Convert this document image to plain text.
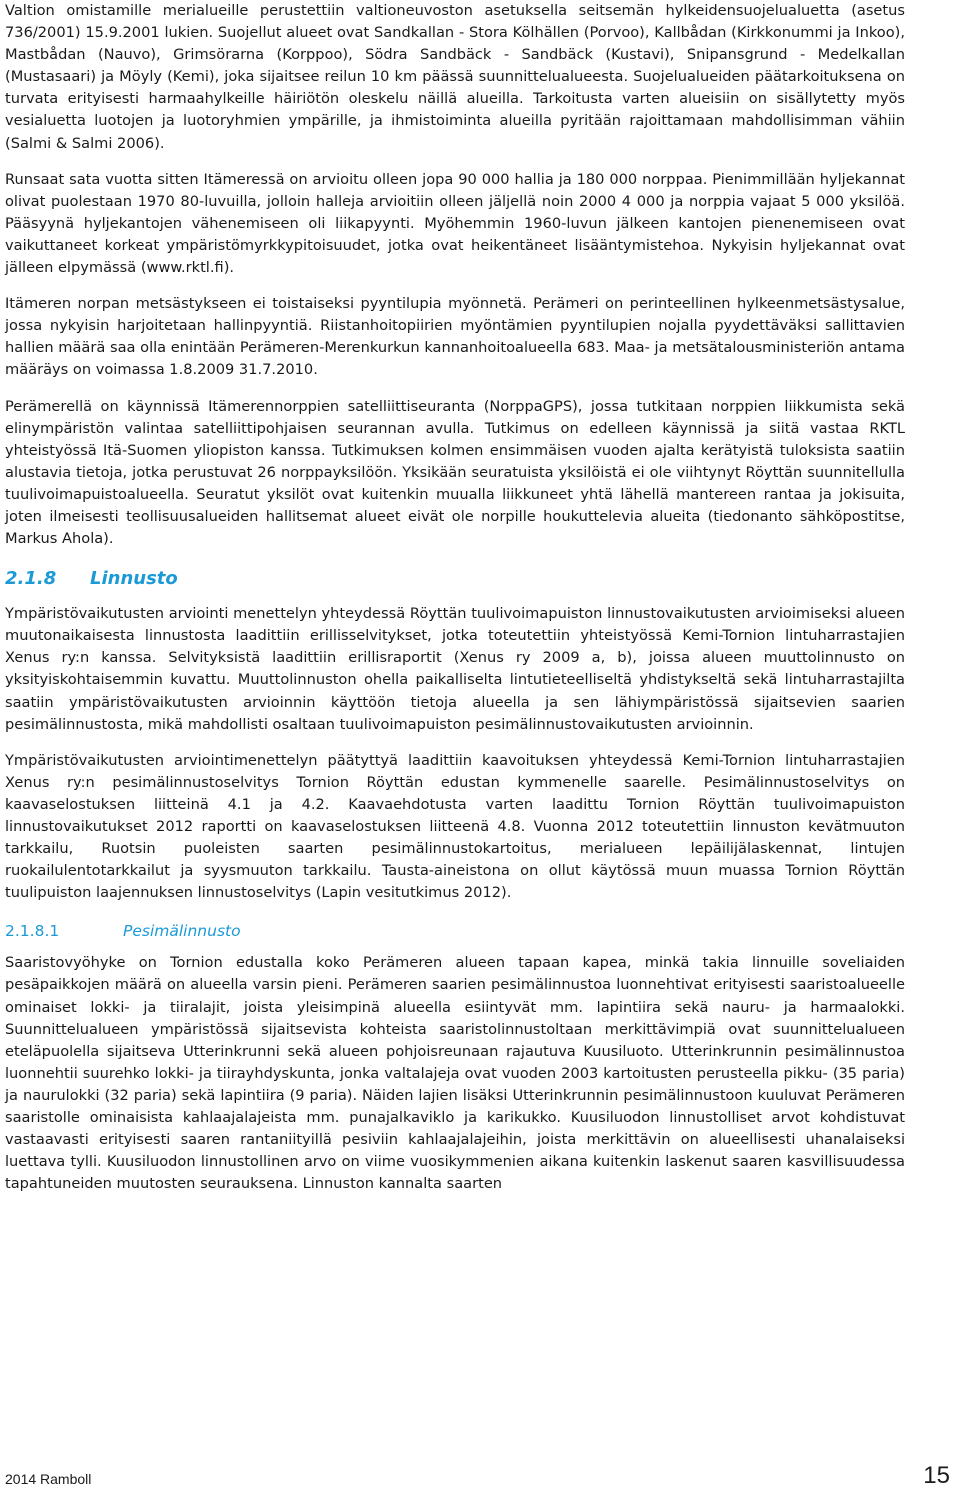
Valtion omistamille merialueille perustettiin valtioneuvoston asetuksella seitsemän hylkeidensuojelualuetta (asetus 736/2001) 15.9.2001 lukien. Suojellut alueet ovat Sandkallan - Stora Kölhällen (Porvoo), Kallbådan (Kirkkonummi ja Inkoo), Mastbådan (Nauvo), Grimsörarna (Korppoo), Södra Sandbäck - Sandbäck (Kustavi), Snipansgrund - Medelkallan (Mustasaari) ja Möyly (Kemi), joka sijaitsee reilun 10 km päässä suunnittelualueesta. Suojelualueiden päätarkoituksena on turvata erityisesti harmaahylkeille häiriötön oleskelu näillä alueilla. Tarkoitusta varten alueisiin on sisällytetty myös vesialuetta luotojen ja luotoryhmien ympärille, ja ihmistoiminta alueilla pyritään rajoittamaan mahdollisimman vähiin (Salmi & Salmi 2006).

Runsaat sata vuotta sitten Itämeressä on arvioitu olleen jopa 90 000 hallia ja 180 000 norppaa. Pienimmillään hyljekannat olivat puolestaan 1970 80-luvuilla, jolloin halleja arvioitiin olleen jäljellä noin 2000 4 000 ja norppia vajaat 5 000 yksilöä. Pääsyynä hyljekantojen vähenemiseen oli liikapyynti. Myöhemmin 1960-luvun jälkeen kantojen pienenemiseen ovat vaikuttaneet korkeat ympäristömyrkkypitoisuudet, jotka ovat heikentäneet lisääntymistehoa. Nykyisin hyljekannat ovat jälleen elpymässä (www.rktl.fi).

Itämeren norpan metsästykseen ei toistaiseksi pyyntilupia myönnetä. Perämeri on perinteellinen hylkeenmetsästysalue, jossa nykyisin harjoitetaan hallinpyyntiä. Riistanhoitopiirien myöntämien pyyntilupien nojalla pyydettäväksi sallittavien hallien määrä saa olla enintään Perämeren-Merenkurkun kannanhoitoalueella 683. Maa- ja metsätalousministeriön antama määräys on voimassa 1.8.2009 31.7.2010.

Perämerellä on käynnissä Itämerennorppien satelliittiseuranta (NorppaGPS), jossa tutkitaan norppien liikkumista sekä elinympäristön valintaa satelliittipohjaisen seurannan avulla. Tutkimus on edelleen käynnissä ja siitä vastaa RKTL yhteistyössä Itä-Suomen yliopiston kanssa. Tutkimuksen kolmen ensimmäisen vuoden ajalta kerätyistä tuloksista saatiin alustavia tietoja, jotka perustuvat 26 norppayksilöön. Yksikään seuratuista yksilöistä ei ole viihtynyt Röyttän suunnitellulla tuulivoimapuistoalueella. Seuratut yksilöt ovat kuitenkin muualla liikkuneet yhtä lähellä mantereen rantaa ja jokisuita, joten ilmeisesti teollisuusalueiden hallitsemat alueet eivät ole norpille houkuttelevia alueita (tiedonanto sähköpostitse, Markus Ahola).

2.1.8 Linnusto

Ympäristövaikutusten arviointi menettelyn yhteydessä Röyttän tuulivoimapuiston linnustovaikutusten arvioimiseksi alueen muutonaikaisesta linnustosta laadittiin erillisselvitykset, jotka toteutettiin yhteistyössä Kemi-Tornion lintuharrastajien Xenus ry:n kanssa. Selvityksistä laadittiin erillisraportit (Xenus ry 2009 a, b), joissa alueen muuttolinnusto on yksityiskohtaisemmin kuvattu. Muuttolinnuston ohella paikalliselta lintutieteelliseltä yhdistykseltä sekä lintuharrastajilta saatiin ympäristövaikutusten arvioinnin käyttöön tietoja alueella ja sen lähiympäristössä sijaitsevien saarien pesimälinnustosta, mikä mahdollisti osaltaan tuulivoimapuiston pesimälinnustovaikutusten arvioinnin.

Ympäristövaikutusten arviointimenettelyn päätyttyä laadittiin kaavoituksen yhteydessä Kemi-Tornion lintuharrastajien Xenus ry:n pesimälinnustoselvitys Tornion Röyttän edustan kymmenelle saarelle. Pesimälinnustoselvitys on kaavaselostuksen liitteinä 4.1 ja 4.2. Kaavaehdotusta varten laadittu Tornion Röyttän tuulivoimapuiston linnustovaikutukset 2012 raportti on kaavaselostuksen liitteenä 4.8. Vuonna 2012 toteutettiin linnuston kevätmuuton tarkkailu, Ruotsin puoleisten saarten pesimälinnustokartoitus, merialueen lepäilijälaskennat, lintujen ruokailulentotarkkailut ja syysmuuton tarkkailu. Tausta-aineistona on ollut käytössä muun muassa Tornion Röyttän tuulipuiston laajennuksen linnustoselvitys (Lapin vesitutkimus 2012).

2.1.8.1	Pesimälinnusto

Saaristovyöhyke on Tornion edustalla koko Perämeren alueen tapaan kapea, minkä takia linnuille soveliaiden pesäpaikkojen määrä on alueella varsin pieni. Perämeren saarien pesimälinnustoa luonnehtivat erityisesti saaristoalueelle ominaiset lokki- ja tiiralajit, joista yleisimpinä alueella esiintyvät mm. lapintiira sekä nauru- ja harmaalokki. Suunnittelualueen ympäristössä sijaitsevista kohteista saaristolinnustoltaan merkittävimpiä ovat suunnittelualueen eteläpuolella sijaitseva Utterinkrunni sekä alueen pohjoisreunaan rajautuva Kuusiluoto. Utterinkrunnin pesimälinnustoa luonnehtii suurehko lokki- ja tiirayhdyskunta, jonka valtalajeja ovat vuoden 2003 kartoitusten perusteella pikku- (35 paria) ja naurulokki (32 paria) sekä lapintiira (9 paria). Näiden lajien lisäksi Utterinkrunnin pesimälinnustoon kuuluvat Perämeren saaristolle ominaisista kahlaajalajeista mm. punajalkaviklo ja karikukko. Kuusiluodon linnustolliset arvot kohdistuvat vastaavasti erityisesti saaren rantaniityillä pesiviin kahlaajalajeihin, joista merkittävin on alueellisesti uhanalaiseksi luettava tylli. Kuusiluodon linnustollinen arvo on viime vuosikymmenien aikana kuitenkin laskenut saaren kasvillisuudessa tapahtuneiden muutosten seurauksena. Linnuston kannalta saarten

2014 Ramboll	15
